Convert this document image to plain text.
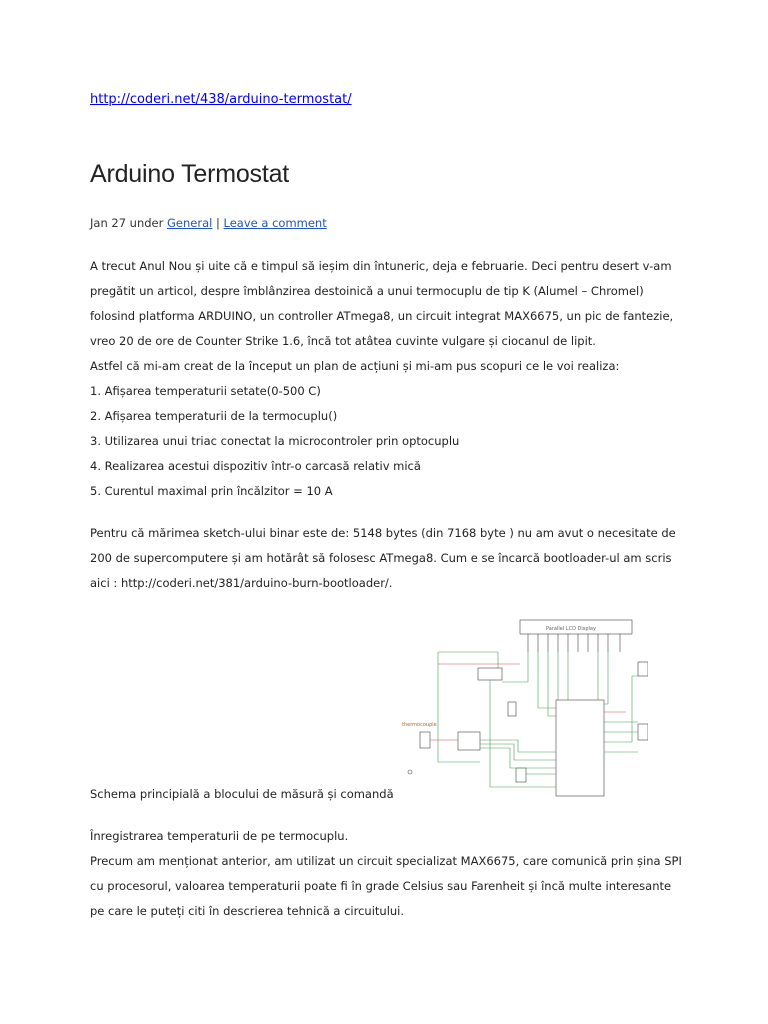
http://coderi.net/438/arduino-termostat/
Arduino Termostat
Jan 27 under General | Leave a comment
A trecut Anul Nou și uite că e timpul să ieșim din întuneric, deja e februarie. Deci pentru desert v-am
pregătit un articol, despre îmblânzirea destoinică a unui termocuplu de tip K (Alumel – Chromel)
folosind platforma ARDUINO, un controller ATmega8, un circuit integrat MAX6675, un pic de fantezie,
vreo 20 de ore de Counter Strike 1.6, încă tot atâtea cuvinte vulgare și ciocanul de lipit.
Astfel că mi-am creat de la început un plan de acțiuni și mi-am pus scopuri ce le voi realiza:
1. Afișarea temperaturii setate(0-500 C)
2. Afișarea temperaturii de la termocuplu()
3. Utilizarea unui triac conectat la microcontroler prin optocuplu
4. Realizarea acestui dispozitiv într-o carcasă relativ mică
5. Curentul maximal prin încălzitor = 10 A
Pentru că mărimea sketch-ului binar este de: 5148 bytes (din 7168 byte ) nu am avut o necesitate de
200 de supercomputere și am hotărât să folosesc ATmega8. Cum e se încarcă bootloader-ul am scris
aici : http://coderi.net/381/arduino-burn-bootloader/.
Parallel LCD Display
thermocouple
Schema principială a blocului de măsură și comandă
Înregistrarea temperaturii de pe termocuplu.
Precum am menționat anterior, am utilizat un circuit specializat MAX6675, care comunică prin șina SPI
cu procesorul, valoarea temperaturii poate fi în grade Celsius sau Farenheit și încă multe interesante
pe care le puteți citi în descrierea tehnică a circuitului.
